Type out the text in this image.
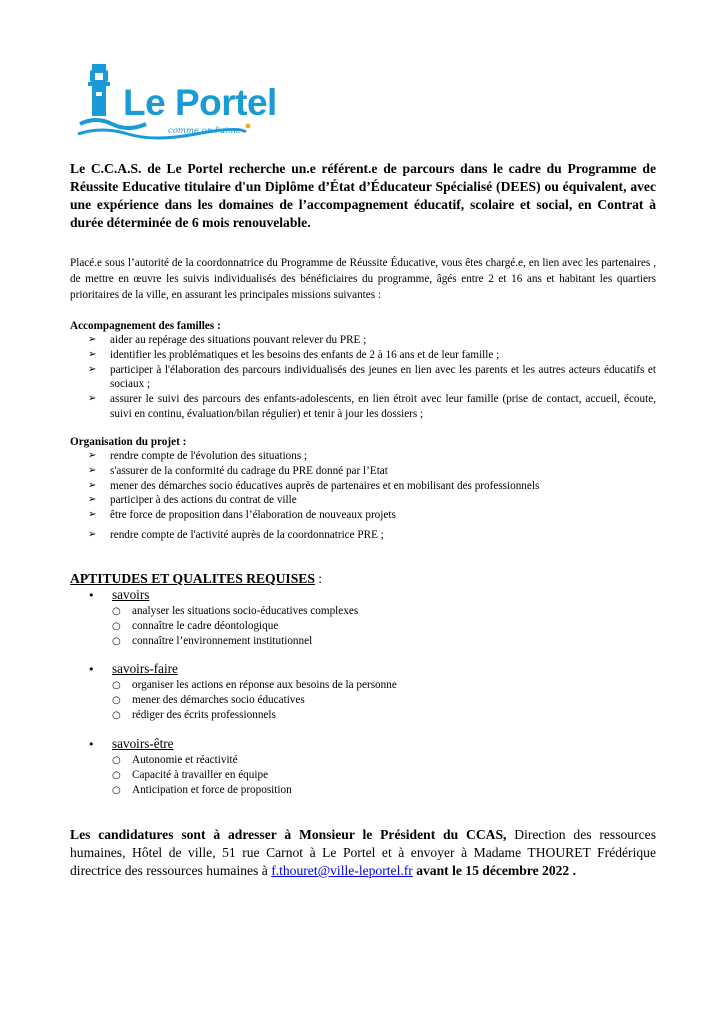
Le Portel
comme on l'aime
Le C.C.A.S. de Le Portel recherche un.e référent.e de parcours dans le cadre du Programme de Réussite Educative titulaire d'un Diplôme d’État d’Éducateur Spécialisé (DEES) ou équivalent, avec une expérience dans les domaines de l’accompagnement éducatif, scolaire et social, en Contrat à durée déterminée de 6 mois renouvelable.
Placé.e sous l’autorité de la coordonnatrice du Programme de Réussite Éducative, vous êtes chargé.e, en lien avec les partenaires , de mettre en œuvre les suivis individualisés des bénéficiaires du programme, âgés entre 2 et 16 ans et habitant les quartiers prioritaires de la ville, en assurant les principales missions suivantes :
Accompagnement des familles :
➢ aider au repérage des situations pouvant relever du PRE ;
➢ identifier les problématiques et les besoins des enfants de 2 à 16 ans et de leur famille ;
➢ participer à l'élaboration des parcours individualisés des jeunes en lien avec les parents et les autres acteurs éducatifs et sociaux ;
➢ assurer le suivi des parcours des enfants-adolescents, en lien étroit avec leur famille (prise de contact, accueil, écoute, suivi en continu, évaluation/bilan régulier) et tenir à jour les dossiers ;
Organisation du projet :
➢ rendre compte de l'évolution des situations ;
➢ s'assurer de la conformité du cadrage du PRE donné par l’Etat
➢ mener des démarches socio éducatives auprès de partenaires et en mobilisant des professionnels
➢ participer à des actions du contrat de ville
➢ être force de proposition dans l’élaboration de nouveaux projets
➢ rendre compte de l'activité auprès de la coordonnatrice PRE ;
APTITUDES ET QUALITES REQUISES :
• savoirs
○ analyser les situations socio-éducatives complexes
○ connaître le cadre déontologique
○ connaître l’environnement institutionnel
• savoirs-faire
○ organiser les actions en réponse aux besoins de la personne
○ mener des démarches socio éducatives
○ rédiger des écrits professionnels
• savoirs-être
○ Autonomie et réactivité
○ Capacité à travailler en équipe
○ Anticipation et force de proposition
Les candidatures sont à adresser à Monsieur le Président du CCAS, Direction des ressources humaines, Hôtel de ville, 51 rue Carnot à Le Portel et à envoyer à Madame THOURET Frédérique directrice des ressources humaines à f.thouret@ville-leportel.fr avant le 15 décembre 2022 .
